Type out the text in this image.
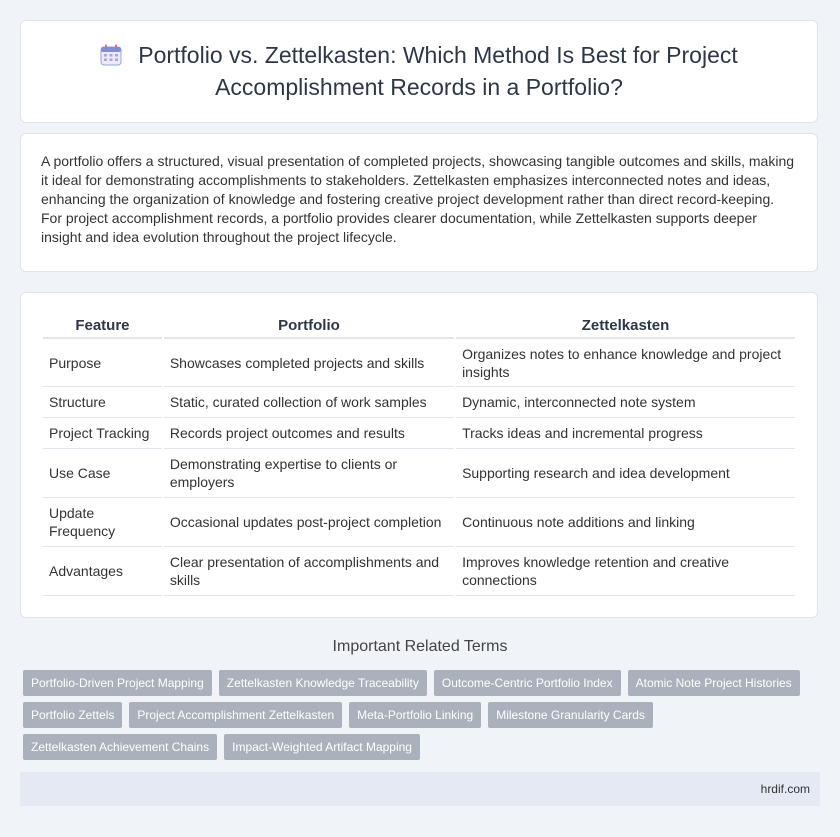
Portfolio vs. Zettelkasten: Which Method Is Best for Project Accomplishment Records in a Portfolio?

A portfolio offers a structured, visual presentation of completed projects, showcasing tangible outcomes and skills, making it ideal for demonstrating accomplishments to stakeholders. Zettelkasten emphasizes interconnected notes and ideas, enhancing the organization of knowledge and fostering creative project development rather than direct record-keeping. For project accomplishment records, a portfolio provides clearer documentation, while Zettelkasten supports deeper insight and idea evolution throughout the project lifecycle.

Feature	Portfolio	Zettelkasten
Purpose	Showcases completed projects and skills	Organizes notes to enhance knowledge and project insights
Structure	Static, curated collection of work samples	Dynamic, interconnected note system
Project Tracking	Records project outcomes and results	Tracks ideas and incremental progress
Use Case	Demonstrating expertise to clients or employers	Supporting research and idea development
Update Frequency	Occasional updates post-project completion	Continuous note additions and linking
Advantages	Clear presentation of accomplishments and skills	Improves knowledge retention and creative connections
Important Related Terms
Portfolio-Driven Project Mapping	Zettelkasten Knowledge Traceability	Outcome-Centric Portfolio Index	Atomic Note Project Histories
Portfolio Zettels	Project Accomplishment Zettelkasten	Meta-Portfolio Linking	Milestone Granularity Cards
Zettelkasten Achievement Chains	Impact-Weighted Artifact Mapping
hrdif.com
